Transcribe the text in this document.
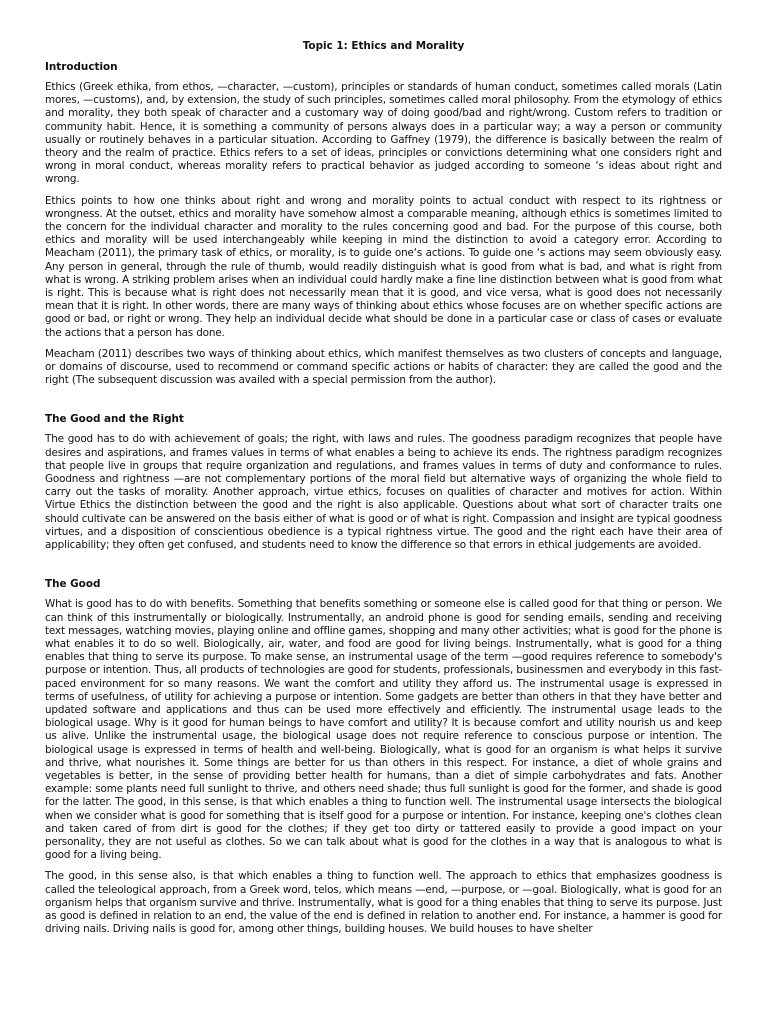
Topic 1: Ethics and Morality
Introduction

Ethics (Greek ethika, from ethos, —character, —custom), principles or standards of human conduct, sometimes called morals (Latin mores, —customs), and, by extension, the study of such principles, sometimes called moral philosophy. From the etymology of ethics and morality, they both speak of character and a customary way of doing good/bad and right/wrong. Custom refers to tradition or community habit. Hence, it is something a community of persons always does in a particular way; a way a person or community usually or routinely behaves in a particular situation. According to Gaffney (1979), the difference is basically between the realm of theory and the realm of practice. Ethics refers to a set of ideas, principles or convictions determining what one considers right and wrong in moral conduct, whereas morality refers to practical behavior as judged according to someone ‘s ideas about right and wrong.

Ethics points to how one thinks about right and wrong and morality points to actual conduct with respect to its rightness or wrongness. At the outset, ethics and morality have somehow almost a comparable meaning, although ethics is sometimes limited to the concern for the individual character and morality to the rules concerning good and bad. For the purpose of this course, both ethics and morality will be used interchangeably while keeping in mind the distinction to avoid a category error. According to Meacham (2011), the primary task of ethics, or morality, is to guide one‘s actions. To guide one ‘s actions may seem obviously easy. Any person in general, through the rule of thumb, would readily distinguish what is good from what is bad, and what is right from what is wrong. A striking problem arises when an individual could hardly make a fine line distinction between what is good from what is right. This is because what is right does not necessarily mean that it is good, and vice versa, what is good does not necessarily mean that it is right. In other words, there are many ways of thinking about ethics whose focuses are on whether specific actions are good or bad, or right or wrong. They help an individual decide what should be done in a particular case or class of cases or evaluate the actions that a person has done.

Meacham (2011) describes two ways of thinking about ethics, which manifest themselves as two clusters of concepts and language, or domains of discourse, used to recommend or command specific actions or habits of character: they are called the good and the right (The subsequent discussion was availed with a special permission from the author).

The Good and the Right

The good has to do with achievement of goals; the right, with laws and rules. The goodness paradigm recognizes that people have desires and aspirations, and frames values in terms of what enables a being to achieve its ends. The rightness paradigm recognizes that people live in groups that require organization and regulations, and frames values in terms of duty and conformance to rules. Goodness and rightness —are not complementary portions of the moral field but alternative ways of organizing the whole field to carry out the tasks of morality. Another approach, virtue ethics, focuses on qualities of character and motives for action. Within Virtue Ethics the distinction between the good and the right is also applicable. Questions about what sort of character traits one should cultivate can be answered on the basis either of what is good or of what is right. Compassion and insight are typical goodness virtues, and a disposition of conscientious obedience is a typical rightness virtue. The good and the right each have their area of applicability; they often get confused, and students need to know the difference so that errors in ethical judgements are avoided.

The Good

What is good has to do with benefits. Something that benefits something or someone else is called good for that thing or person. We can think of this instrumentally or biologically. Instrumentally, an android phone is good for sending emails, sending and receiving text messages, watching movies, playing online and offline games, shopping and many other activities; what is good for the phone is what enables it to do so well. Biologically, air, water, and food are good for living beings. Instrumentally, what is good for a thing enables that thing to serve its purpose. To make sense, an instrumental usage of the term —good requires reference to somebody's purpose or intention. Thus, all products of technologies are good for students, professionals, businessmen and everybody in this fast-paced environment for so many reasons. We want the comfort and utility they afford us. The instrumental usage is expressed in terms of usefulness, of utility for achieving a purpose or intention. Some gadgets are better than others in that they have better and updated software and applications and thus can be used more effectively and efficiently. The instrumental usage leads to the biological usage. Why is it good for human beings to have comfort and utility? It is because comfort and utility nourish us and keep us alive. Unlike the instrumental usage, the biological usage does not require reference to conscious purpose or intention. The biological usage is expressed in terms of health and well-being. Biologically, what is good for an organism is what helps it survive and thrive, what nourishes it. Some things are better for us than others in this respect. For instance, a diet of whole grains and vegetables is better, in the sense of providing better health for humans, than a diet of simple carbohydrates and fats. Another example: some plants need full sunlight to thrive, and others need shade; thus full sunlight is good for the former, and shade is good for the latter. The good, in this sense, is that which enables a thing to function well. The instrumental usage intersects the biological when we consider what is good for something that is itself good for a purpose or intention. For instance, keeping one's clothes clean and taken cared of from dirt is good for the clothes; if they get too dirty or tattered easily to provide a good impact on your personality, they are not useful as clothes. So we can talk about what is good for the clothes in a way that is analogous to what is good for a living being.

The good, in this sense also, is that which enables a thing to function well. The approach to ethics that emphasizes goodness is called the teleological approach, from a Greek word, telos, which means —end, —purpose, or —goal. Biologically, what is good for an organism helps that organism survive and thrive. Instrumentally, what is good for a thing enables that thing to serve its purpose. Just as good is defined in relation to an end, the value of the end is defined in relation to another end. For instance, a hammer is good for driving nails. Driving nails is good for, among other things, building houses. We build houses to have shelter
